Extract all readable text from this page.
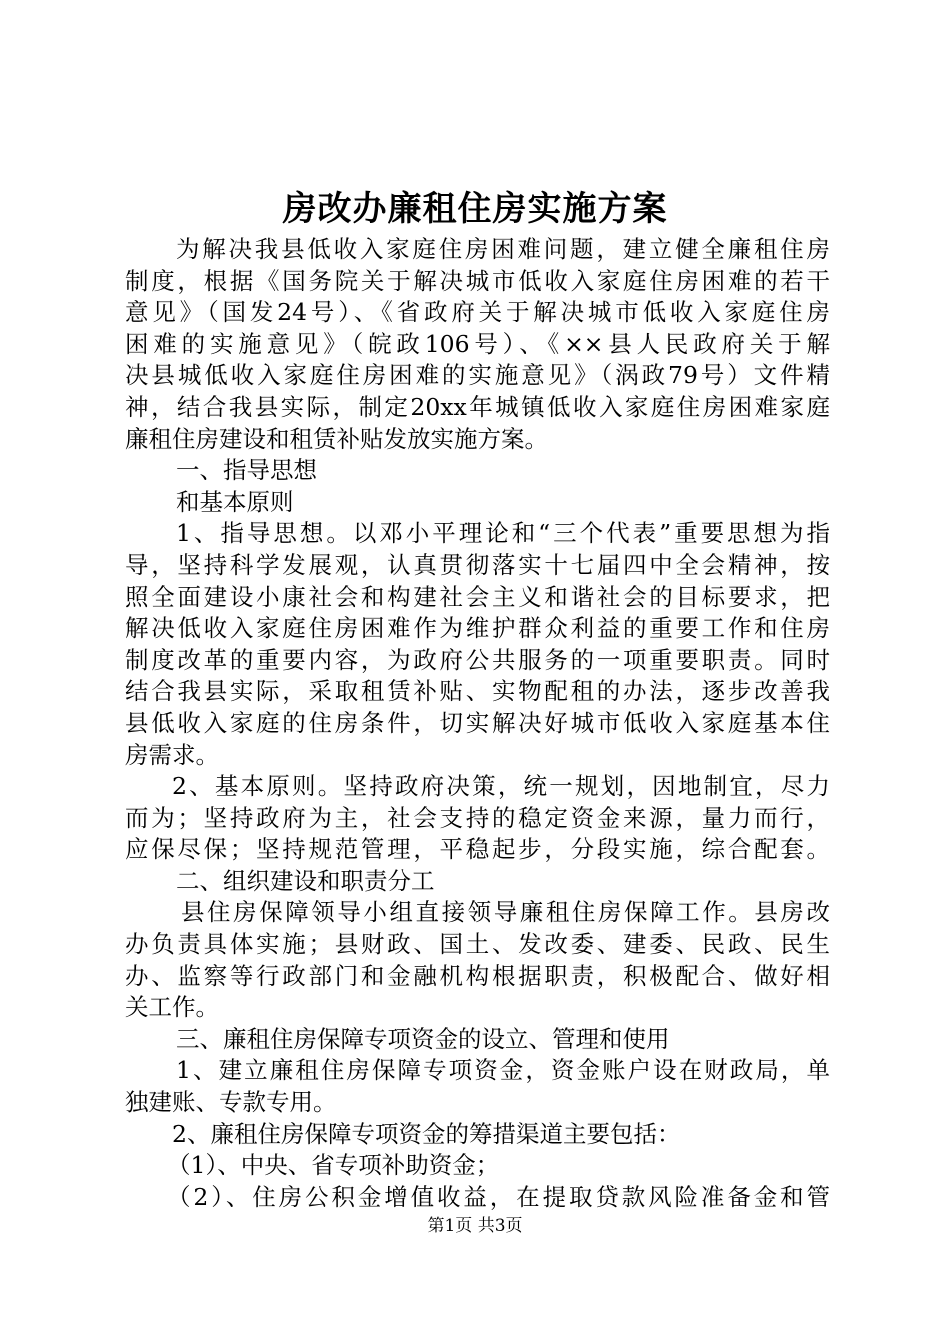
房改办廉租住房实施方案
为解决我县低收入家庭住房困难问题，建立健全廉租住房
制度，根据《国务院关于解决城市低收入家庭住房困难的若干
意见》（国发24号）、《省政府关于解决城市低收入家庭住房
困难的实施意见》（皖政106号）、《××县人民政府关于解
决县城低收入家庭住房困难的实施意见》（涡政79号）文件精
神，结合我县实际，制定20xx年城镇低收入家庭住房困难家庭
廉租住房建设和租赁补贴发放实施方案。
一、指导思想
和基本原则
1、指导思想。以邓小平理论和“三个代表”重要思想为指
导，坚持科学发展观，认真贯彻落实十七届四中全会精神，按
照全面建设小康社会和构建社会主义和谐社会的目标要求，把
解决低收入家庭住房困难作为维护群众利益的重要工作和住房
制度改革的重要内容，为政府公共服务的一项重要职责。同时
结合我县实际，采取租赁补贴、实物配租的办法，逐步改善我
县低收入家庭的住房条件，切实解决好城市低收入家庭基本住
房需求。
2、基本原则。坚持政府决策，统一规划，因地制宜，尽力
而为；坚持政府为主，社会支持的稳定资金来源，量力而行，
应保尽保；坚持规范管理，平稳起步，分段实施，综合配套。
二、组织建设和职责分工
县住房保障领导小组直接领导廉租住房保障工作。县房改
办负责具体实施；县财政、国土、发改委、建委、民政、民生
办、监察等行政部门和金融机构根据职责，积极配合、做好相
关工作。
三、廉租住房保障专项资金的设立、管理和使用
1、建立廉租住房保障专项资金，资金账户设在财政局，单
独建账、专款专用。
2、廉租住房保障专项资金的筹措渠道主要包括：
（1）、中央、省专项补助资金；
（2）、住房公积金增值收益，在提取贷款风险准备金和管
第1页 共3页
